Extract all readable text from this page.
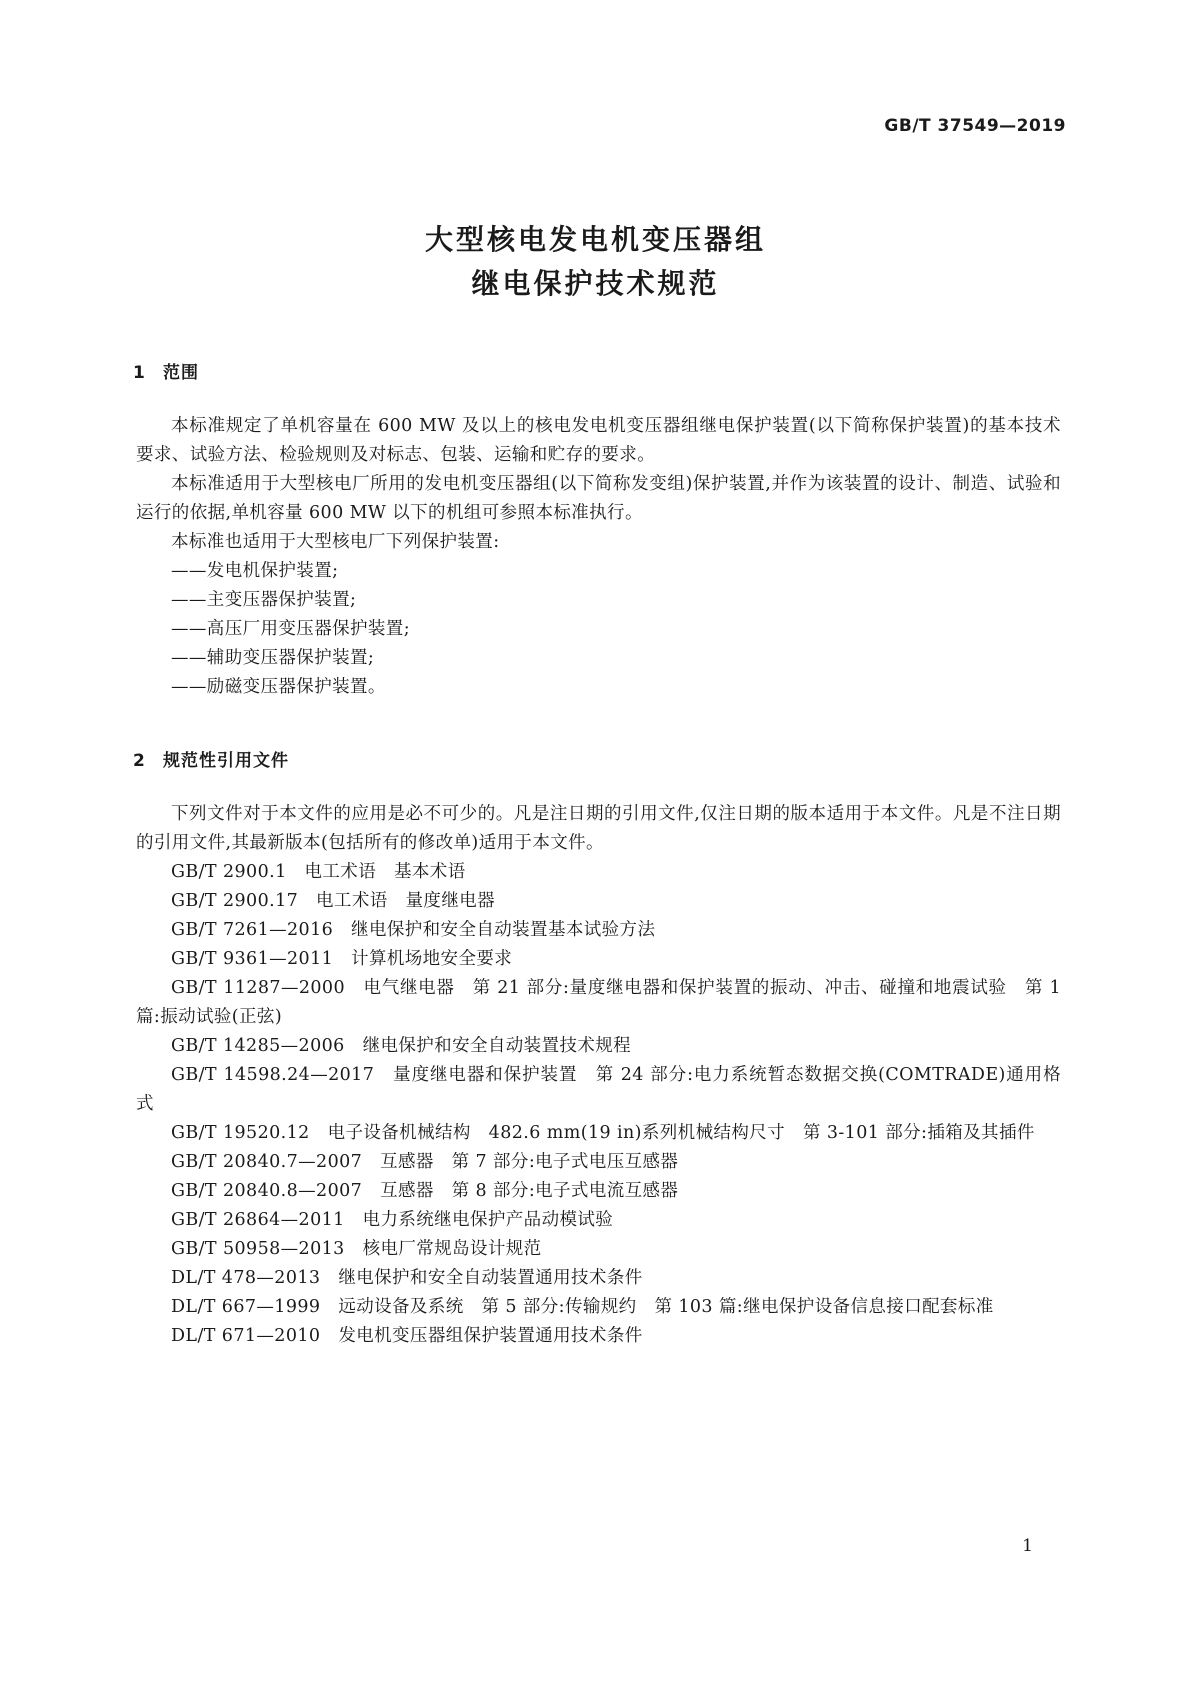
GB/T 37549—2019
大型核电发电机变压器组
继电保护技术规范
1 范围

本标准规定了单机容量在 600 MW 及以上的核电发电机变压器组继电保护装置(以下简称保护装置)的基本技术要求、试验方法、检验规则及对标志、包装、运输和贮存的要求。

本标准适用于大型核电厂所用的发电机变压器组(以下简称发变组)保护装置,并作为该装置的设计、制造、试验和运行的依据,单机容量 600 MW 以下的机组可参照本标准执行。

本标准也适用于大型核电厂下列保护装置:

——发电机保护装置;

——主变压器保护装置;

——高压厂用变压器保护装置;

——辅助变压器保护装置;

——励磁变压器保护装置。

2 规范性引用文件

下列文件对于本文件的应用是必不可少的。凡是注日期的引用文件,仅注日期的版本适用于本文件。凡是不注日期的引用文件,其最新版本(包括所有的修改单)适用于本文件。

GB/T 2900.1　电工术语　基本术语

GB/T 2900.17　电工术语　量度继电器

GB/T 7261—2016　继电保护和安全自动装置基本试验方法

GB/T 9361—2011　计算机场地安全要求

GB/T 11287—2000　电气继电器　第 21 部分:量度继电器和保护装置的振动、冲击、碰撞和地震试验　第 1 篇:振动试验(正弦)

GB/T 14285—2006　继电保护和安全自动装置技术规程

GB/T 14598.24—2017　量度继电器和保护装置　第 24 部分:电力系统暂态数据交换(COMTRADE)通用格式

GB/T 19520.12　电子设备机械结构　482.6 mm(19 in)系列机械结构尺寸　第 3-101 部分:插箱及其插件

GB/T 20840.7—2007　互感器　第 7 部分:电子式电压互感器

GB/T 20840.8—2007　互感器　第 8 部分:电子式电流互感器

GB/T 26864—2011　电力系统继电保护产品动模试验

GB/T 50958—2013　核电厂常规岛设计规范

DL/T 478—2013　继电保护和安全自动装置通用技术条件

DL/T 667—1999　远动设备及系统　第 5 部分:传输规约　第 103 篇:继电保护设备信息接口配套标准

DL/T 671—2010　发电机变压器组保护装置通用技术条件

1
